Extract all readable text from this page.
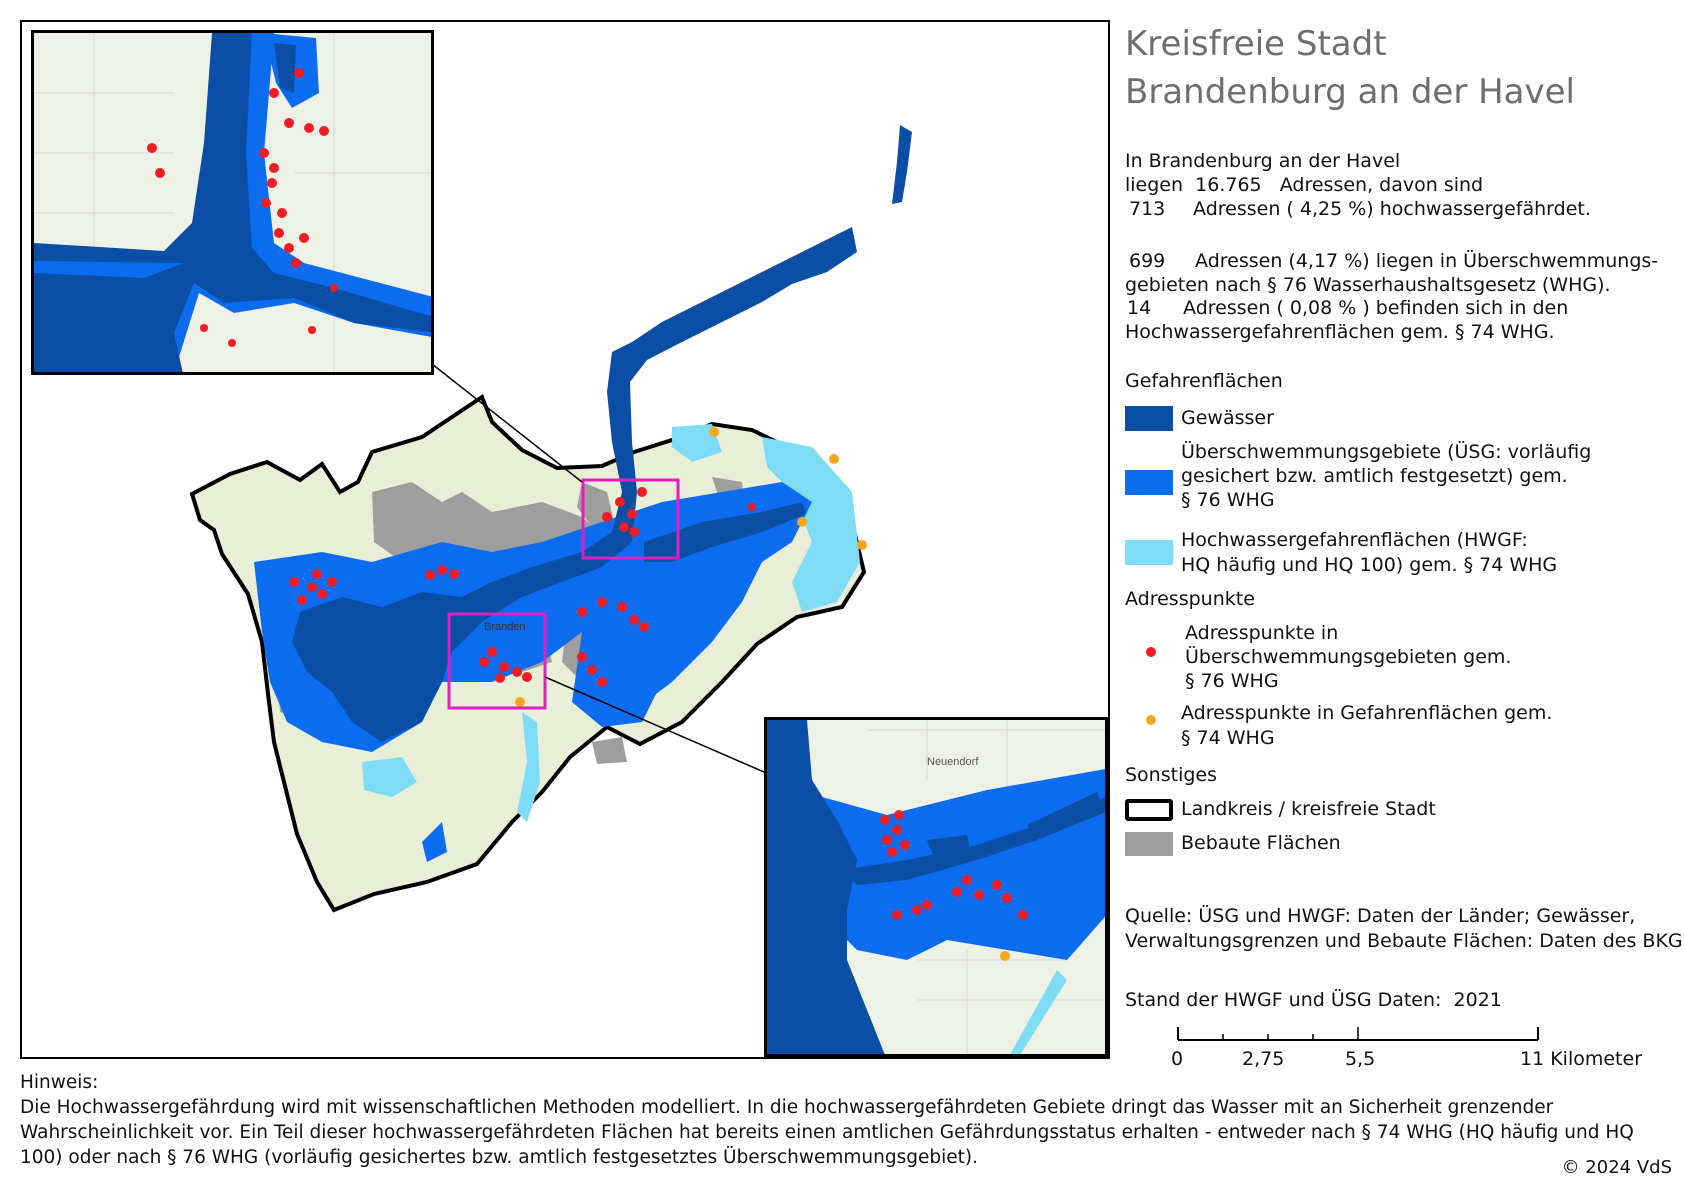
Branden
Neuendorf
Kreisfreie Stadt
Brandenburg an der Havel
In Brandenburg an der Havel
liegen 16.765 Adressen, davon sind
713 Adressen ( 4,25 %) hochwassergefährdet.
699 Adressen (4,17 %) liegen in Überschwemmungs-
gebieten nach § 76 Wasserhaushaltsgesetz (WHG).
14 Adressen ( 0,08 % ) befinden sich in den
Hochwassergefahrenflächen gem. § 74 WHG.
Gefahrenflächen
Gewässer
Überschwemmungsgebiete (ÜSG: vorläufig
gesichert bzw. amtlich festgesetzt) gem.
§ 76 WHG
Hochwassergefahrenflächen (HWGF:
HQ häufig und HQ 100) gem. § 74 WHG
Adresspunkte
Adresspunkte in
Überschwemmungsgebieten gem.
§ 76 WHG
Adresspunkte in Gefahrenflächen gem.
§ 74 WHG
Sonstiges
Landkreis / kreisfreie Stadt
Bebaute Flächen
Quelle: ÜSG und HWGF: Daten der Länder; Gewässer,
Verwaltungsgrenzen und Bebaute Flächen: Daten des BKG
Stand der HWGF und ÜSG Daten: 2021
0	2,75	5,5	11 Kilometer
Hinweis:
Die Hochwassergefährdung wird mit wissenschaftlichen Methoden modelliert. In die hochwassergefährdeten Gebiete dringt das Wasser mit an Sicherheit grenzender Wahrscheinlichkeit vor. Ein Teil dieser hochwassergefährdeten Flächen hat bereits einen amtlichen Gefährdungsstatus erhalten - entweder nach § 74 WHG (HQ häufig und HQ 100) oder nach § 76 WHG (vorläufig gesichertes bzw. amtlich festgesetztes Überschwemmungsgebiet).	© 2024 VdS
